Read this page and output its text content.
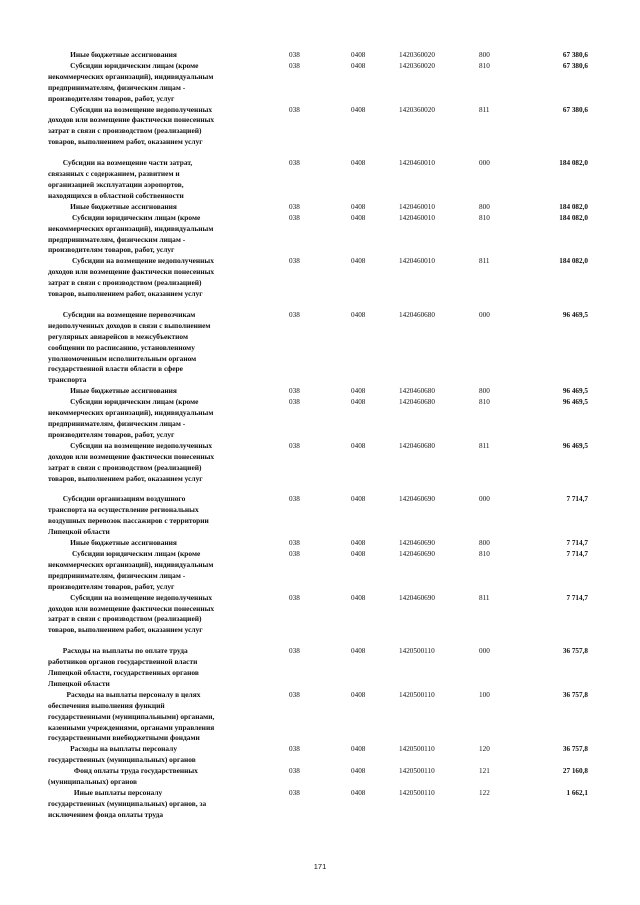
Иные бюджетные ассигнования	038	0408	1420360020	800	67 380,6
Субсидии юридическим лицам (кроме
некоммерческих организаций), индивидуальным
предпринимателям, физическим лицам -
производителям товаров, работ, услуг
038	0408	1420360020	810	67 380,6
Субсидии на возмещение недополученных
доходов или возмещение фактически понесенных
затрат в связи с производством (реализацией)
товаров, выполнением работ, оказанием услуг
038	0408	1420360020	811	67 380,6
Субсидии на возмещение части затрат,
связанных с содержанием, развитием и
организацией эксплуатации аэропортов,
находящихся в областной собственности
038	0408	1420460010	000	184 082,0
Иные бюджетные ассигнования	038	0408	1420460010	800	184 082,0
Субсидии юридическим лицам (кроме
некоммерческих организаций), индивидуальным
предпринимателям, физическим лицам -
производителям товаров, работ, услуг
038	0408	1420460010	810	184 082,0
Субсидии на возмещение недополученных
доходов или возмещение фактически понесенных
затрат в связи с производством (реализацией)
товаров, выполнением работ, оказанием услуг
038	0408	1420460010	811	184 082,0
Субсидии на возмещение перевозчикам
недополученных доходов в связи с выполнением
регулярных авиарейсов в межсубъектном
сообщении по расписанию, установленному
уполномоченным исполнительным органом
государственной власти области в сфере
транспорта
038	0408	1420460680	000	96 469,5
Иные бюджетные ассигнования	038	0408	1420460680	800	96 469,5
Субсидии юридическим лицам (кроме
некоммерческих организаций), индивидуальным
предпринимателям, физическим лицам -
производителям товаров, работ, услуг
038	0408	1420460680	810	96 469,5
Субсидии на возмещение недополученных
доходов или возмещение фактически понесенных
затрат в связи с производством (реализацией)
товаров, выполнением работ, оказанием услуг
038	0408	1420460680	811	96 469,5
Субсидии организациям воздушного
транспорта на осуществление региональных
воздушных перевозок пассажиров с территории
Липецкой области
038	0408	1420460690	000	7 714,7
Иные бюджетные ассигнования	038	0408	1420460690	800	7 714,7
Субсидии юридическим лицам (кроме
некоммерческих организаций), индивидуальным
предпринимателям, физическим лицам -
производителям товаров, работ, услуг
038	0408	1420460690	810	7 714,7
Субсидии на возмещение недополученных
доходов или возмещение фактически понесенных
затрат в связи с производством (реализацией)
товаров, выполнением работ, оказанием услуг
038	0408	1420460690	811	7 714,7
Расходы на выплаты по оплате труда
работников органов государственной власти
Липецкой области, государственных органов
Липецкой области
038	0408	1420500110	000	36 757,8
Расходы на выплаты персоналу в целях
обеспечения выполнения функций
государственными (муниципальными) органами,
казенными учреждениями, органами управления
государственными внебюджетными фондами
038	0408	1420500110	100	36 757,8
Расходы на выплаты персоналу
государственных (муниципальных) органов
038	0408	1420500110	120	36 757,8
Фонд оплаты труда государственных
(муниципальных) органов
038	0408	1420500110	121	27 160,8
Иные выплаты персоналу
государственных (муниципальных) органов, за
исключением фонда оплаты труда
038	0408	1420500110	122	1 662,1
171
